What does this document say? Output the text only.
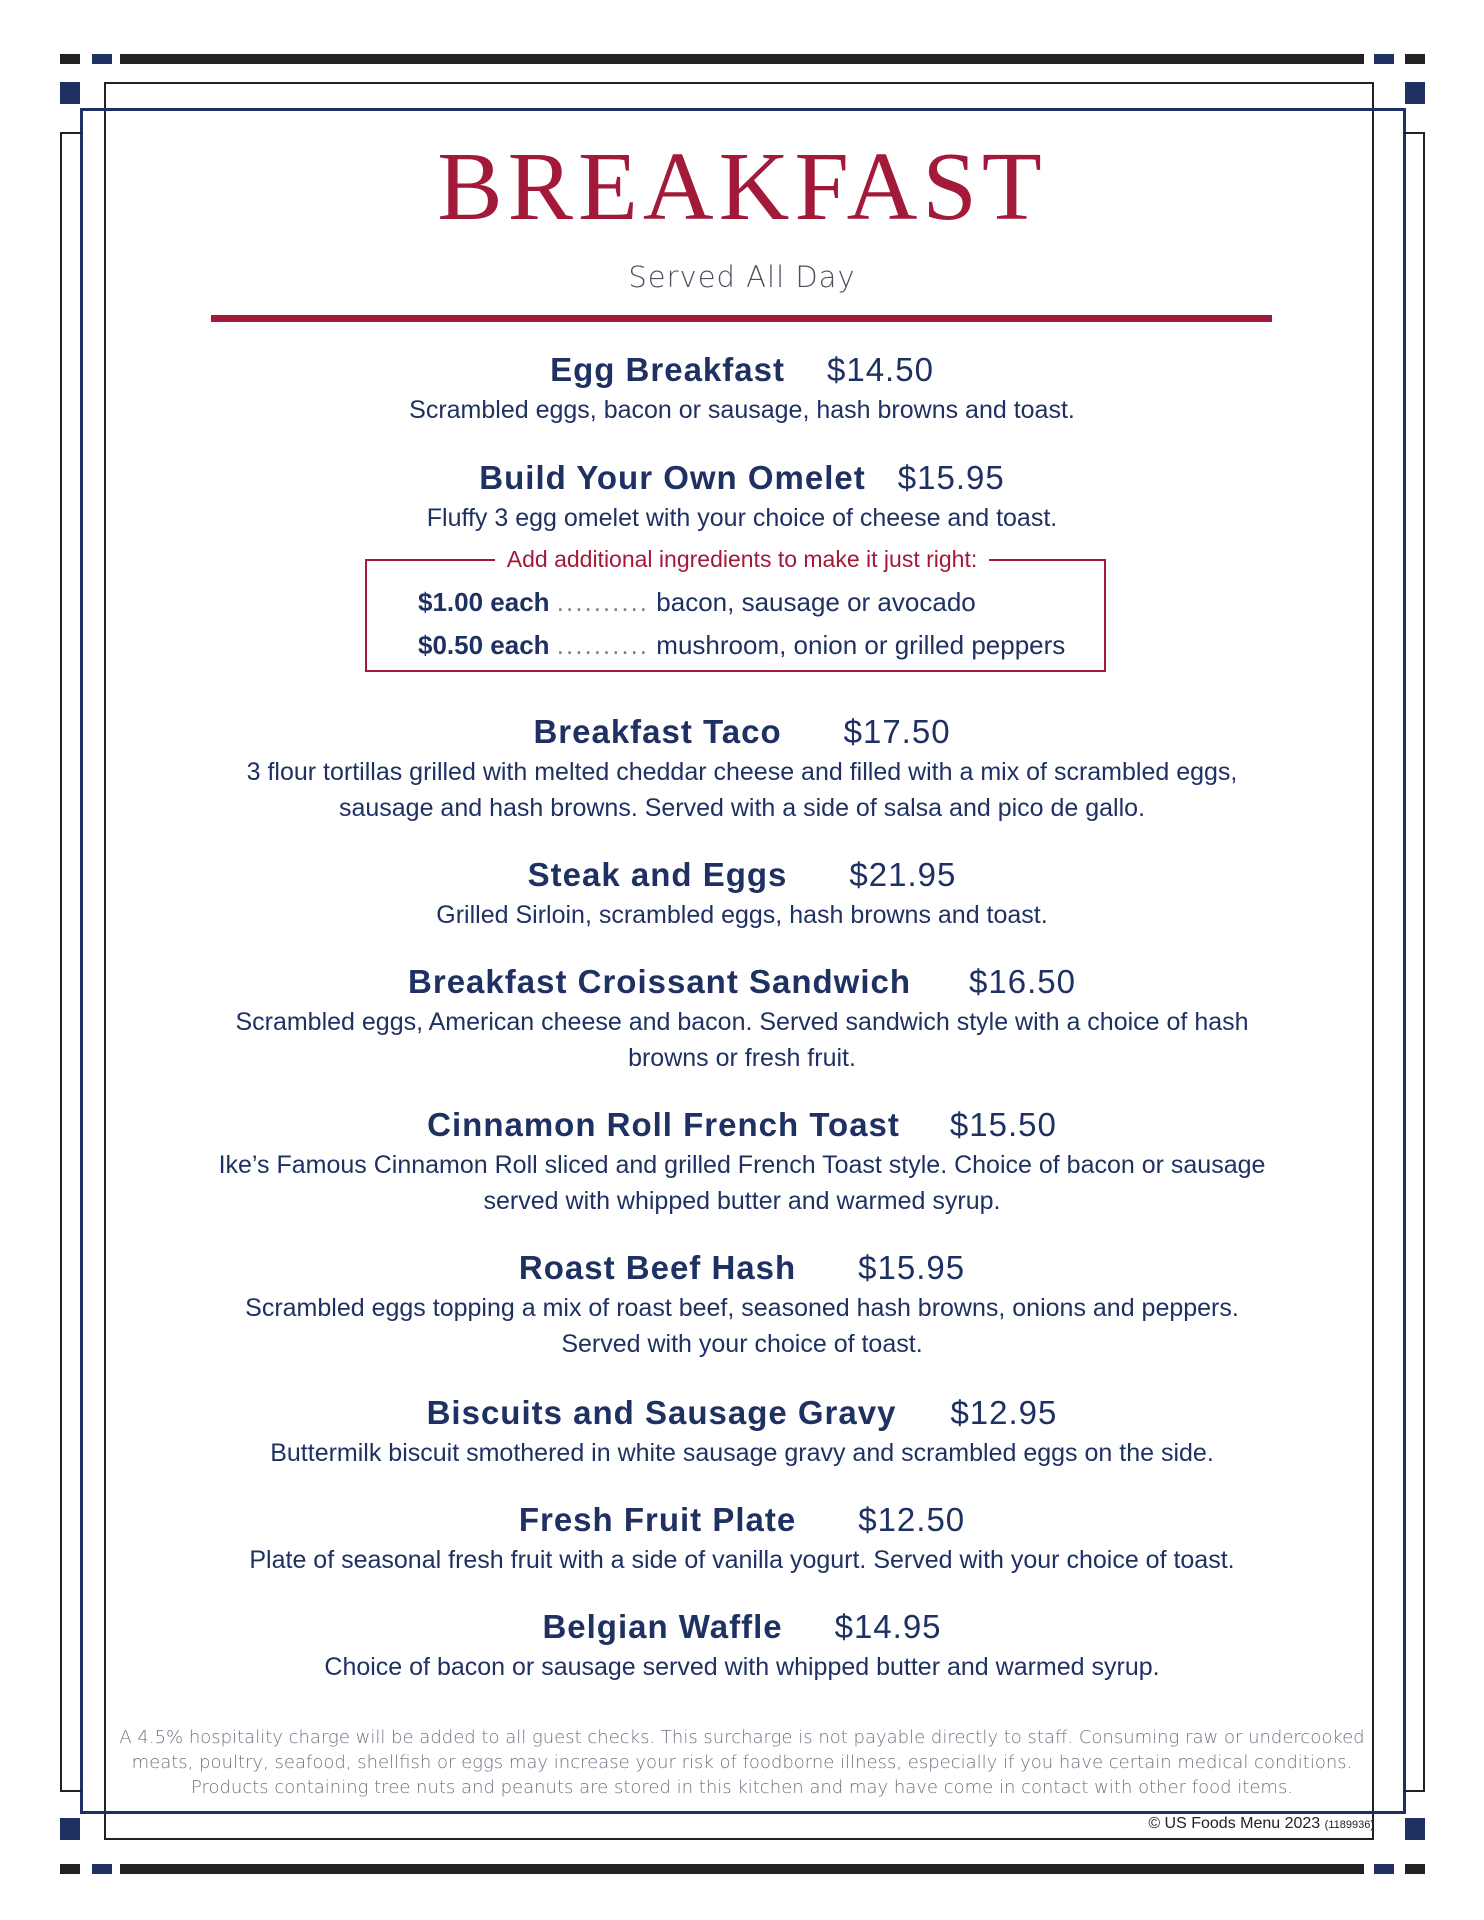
BREAKFAST
Served All Day
Egg Breakfast $14.50
Scrambled eggs, bacon or sausage, hash browns and toast.
Build Your Own Omelet $15.95
Fluffy 3 egg omelet with your choice of cheese and toast.
Add additional ingredients to make it just right:
$1.00 each .......... bacon, sausage or avocado
$0.50 each .......... mushroom, onion or grilled peppers
Breakfast Taco $17.50
3 flour tortillas grilled with melted cheddar cheese and filled with a mix of scrambled eggs, sausage and hash browns. Served with a side of salsa and pico de gallo.
Steak and Eggs $21.95
Grilled Sirloin, scrambled eggs, hash browns and toast.
Breakfast Croissant Sandwich $16.50
Scrambled eggs, American cheese and bacon. Served sandwich style with a choice of hash browns or fresh fruit.
Cinnamon Roll French Toast $15.50
Ike’s Famous Cinnamon Roll sliced and grilled French Toast style. Choice of bacon or sausage served with whipped butter and warmed syrup.
Roast Beef Hash $15.95
Scrambled eggs topping a mix of roast beef, seasoned hash browns, onions and peppers. Served with your choice of toast.
Biscuits and Sausage Gravy $12.95
Buttermilk biscuit smothered in white sausage gravy and scrambled eggs on the side.
Fresh Fruit Plate $12.50
Plate of seasonal fresh fruit with a side of vanilla yogurt. Served with your choice of toast.
Belgian Waffle $14.95
Choice of bacon or sausage served with whipped butter and warmed syrup.
A 4.5% hospitality charge will be added to all guest checks. This surcharge is not payable directly to staff. Consuming raw or undercooked meats, poultry, seafood, shellfish or eggs may increase your risk of foodborne illness, especially if you have certain medical conditions. Products containing tree nuts and peanuts are stored in this kitchen and may have come in contact with other food items.
© US Foods Menu 2023 (1189936)
